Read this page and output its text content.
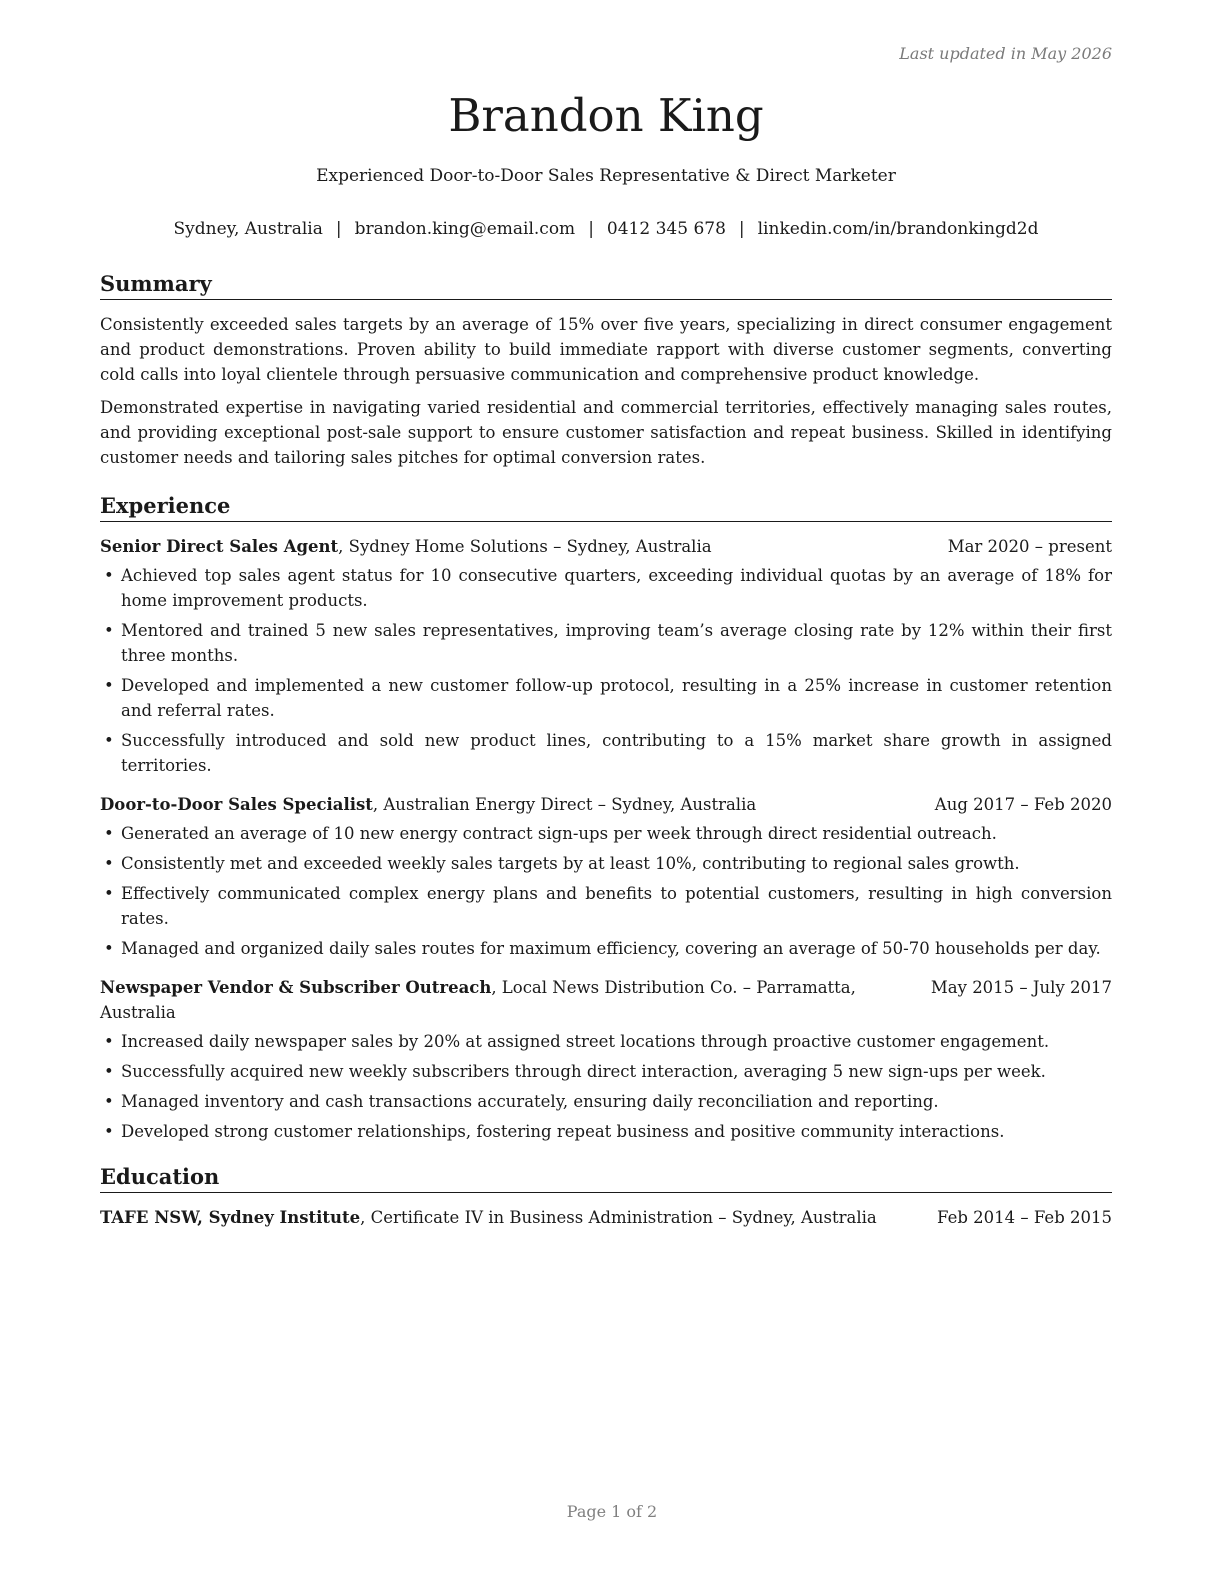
Last updated in May 2026
Brandon King
Experienced Door-to-Door Sales Representative & Direct Marketer
Sydney, Australia | brandon.king@email.com | 0412 345 678 | linkedin.com/in/brandonkingd2d
Summary

Consistently exceeded sales targets by an average of 15% over five years, specializing in direct consumer engagement and product demonstrations. Proven ability to build immediate rapport with diverse customer segments, converting cold calls into loyal clientele through persuasive communication and comprehensive product knowledge.

Demonstrated expertise in navigating varied residential and commercial territories, effectively managing sales routes, and providing exceptional post-sale support to ensure customer satisfaction and repeat business. Skilled in identifying customer needs and tailoring sales pitches for optimal conversion rates.

Experience
Senior Direct Sales Agent, Sydney Home Solutions – Sydney, Australia	Mar 2020 – present
• Achieved top sales agent status for 10 consecutive quarters, exceeding individual quotas by an average of 18% for home improvement products.
• Mentored and trained 5 new sales representatives, improving team’s average closing rate by 12% within their first three months.
• Developed and implemented a new customer follow-up protocol, resulting in a 25% increase in customer retention and referral rates.
• Successfully introduced and sold new product lines, contributing to a 15% market share growth in assigned territories.
Door-to-Door Sales Specialist, Australian Energy Direct – Sydney, Australia	Aug 2017 – Feb 2020
• Generated an average of 10 new energy contract sign-ups per week through direct residential outreach.
• Consistently met and exceeded weekly sales targets by at least 10%, contributing to regional sales growth.
• Effectively communicated complex energy plans and benefits to potential customers, resulting in high conversion rates.
• Managed and organized daily sales routes for maximum efficiency, covering an average of 50-70 households per day.
Newspaper Vendor & Subscriber Outreach, Local News Distribution Co. – Parramatta, Australia
May 2015 – July 2017
• Increased daily newspaper sales by 20% at assigned street locations through proactive customer engagement.
• Successfully acquired new weekly subscribers through direct interaction, averaging 5 new sign-ups per week.
• Managed inventory and cash transactions accurately, ensuring daily reconciliation and reporting.
• Developed strong customer relationships, fostering repeat business and positive community interactions.
Education
TAFE NSW, Sydney Institute, Certificate IV in Business Administration – Sydney, Australia	Feb 2014 – Feb 2015
Page 1 of 2
